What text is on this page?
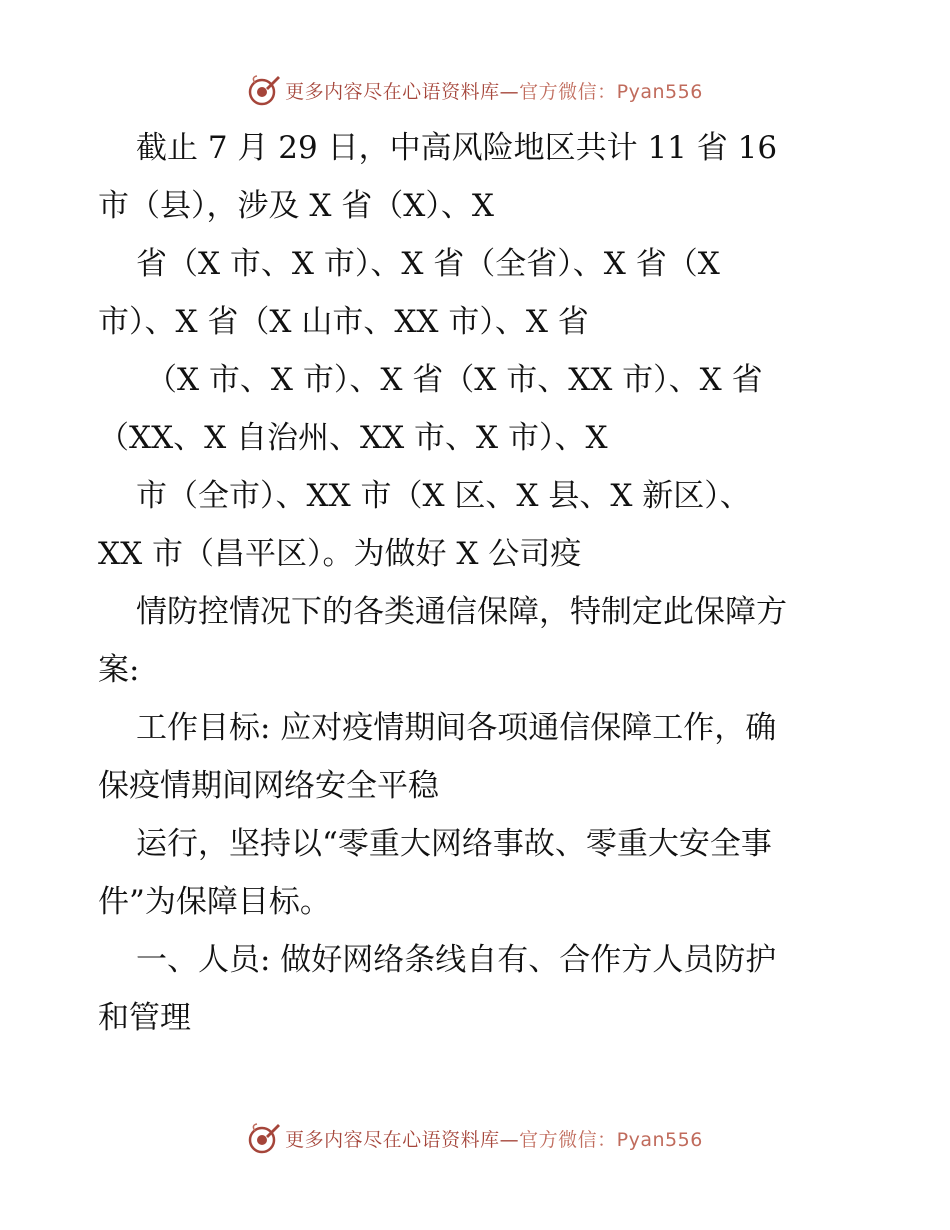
更多内容尽在心语资料库—官方微信：Pyan556
截止 7 月 29 日，中高风险地区共计 11 省 16
市（县），涉及 X 省（X）、X
省（X 市、X 市）、X 省（全省）、X 省（X
市）、X 省（X 山市、XX 市）、X 省
（X 市、X 市）、X 省（X 市、XX 市）、X 省
（XX、X 自治州、XX 市、X 市）、X
市（全市）、XX 市（X 区、X 县、X 新区）、
XX 市（昌平区）。为做好 X 公司疫
情防控情况下的各类通信保障，特制定此保障方
案:
工作目标: 应对疫情期间各项通信保障工作，确
保疫情期间网络安全平稳
运行，坚持以“零重大网络事故、零重大安全事
件”为保障目标。
一、人员: 做好网络条线自有、合作方人员防护
和管理
更多内容尽在心语资料库—官方微信：Pyan556
